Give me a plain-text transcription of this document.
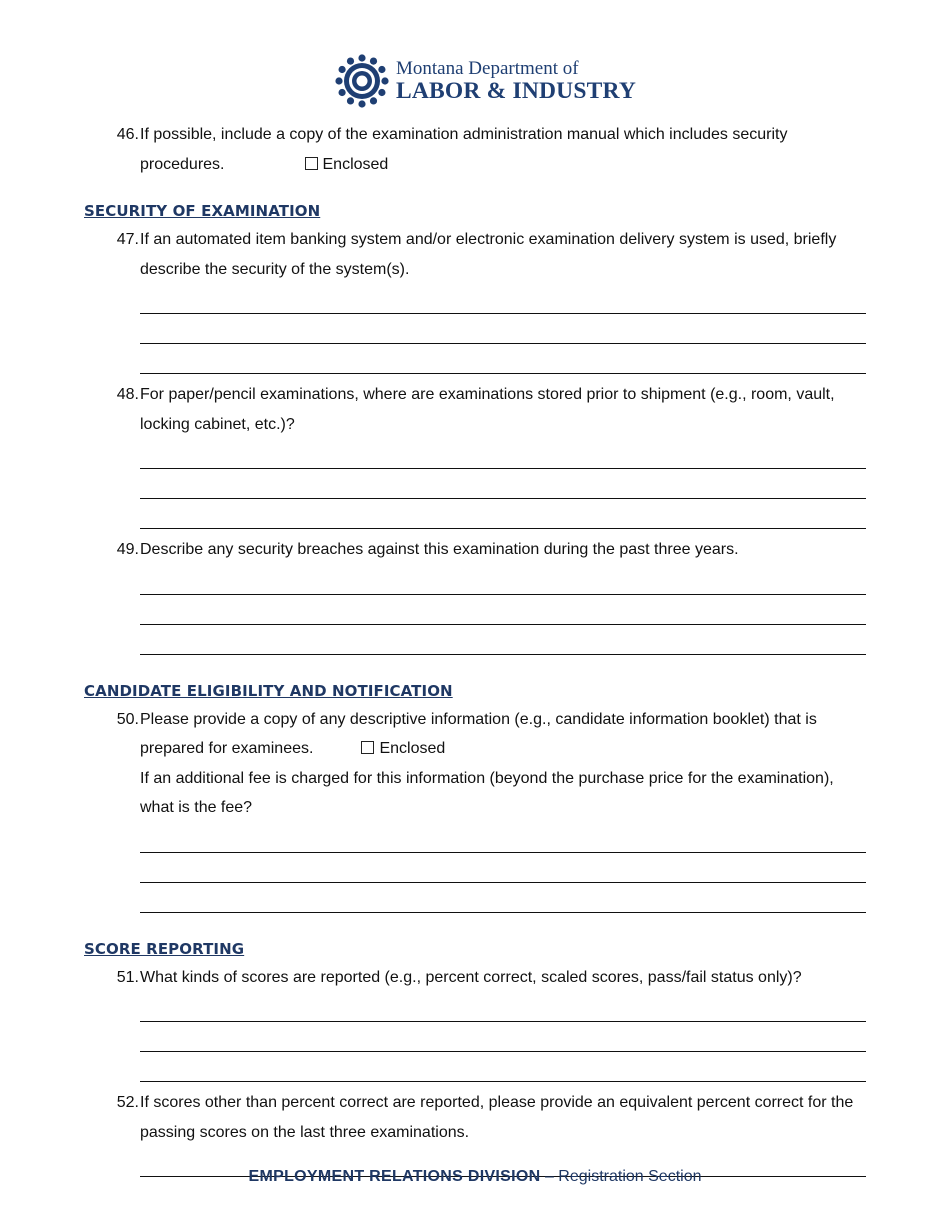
Montana Department of
LABOR & INDUSTRY
46. If possible, include a copy of the examination administration manual which includes security procedures.	Enclosed
SECURITY OF EXAMINATION
47. If an automated item banking system and/or electronic examination delivery system is used, briefly describe the security of the system(s).
48. For paper/pencil examinations, where are examinations stored prior to shipment (e.g., room, vault, locking cabinet, etc.)?
49. Describe any security breaches against this examination during the past three years.
CANDIDATE ELIGIBILITY AND NOTIFICATION
50. Please provide a copy of any descriptive information (e.g., candidate information booklet) that is prepared for examinees.	Enclosed
If an additional fee is charged for this information (beyond the purchase price for the examination), what is the fee?
SCORE REPORTING
51. What kinds of scores are reported (e.g., percent correct, scaled scores, pass/fail status only)?
52. If scores other than percent correct are reported, please provide an equivalent percent correct for the passing scores on the last three examinations.
EMPLOYMENT RELATIONS DIVISION – Registration Section
